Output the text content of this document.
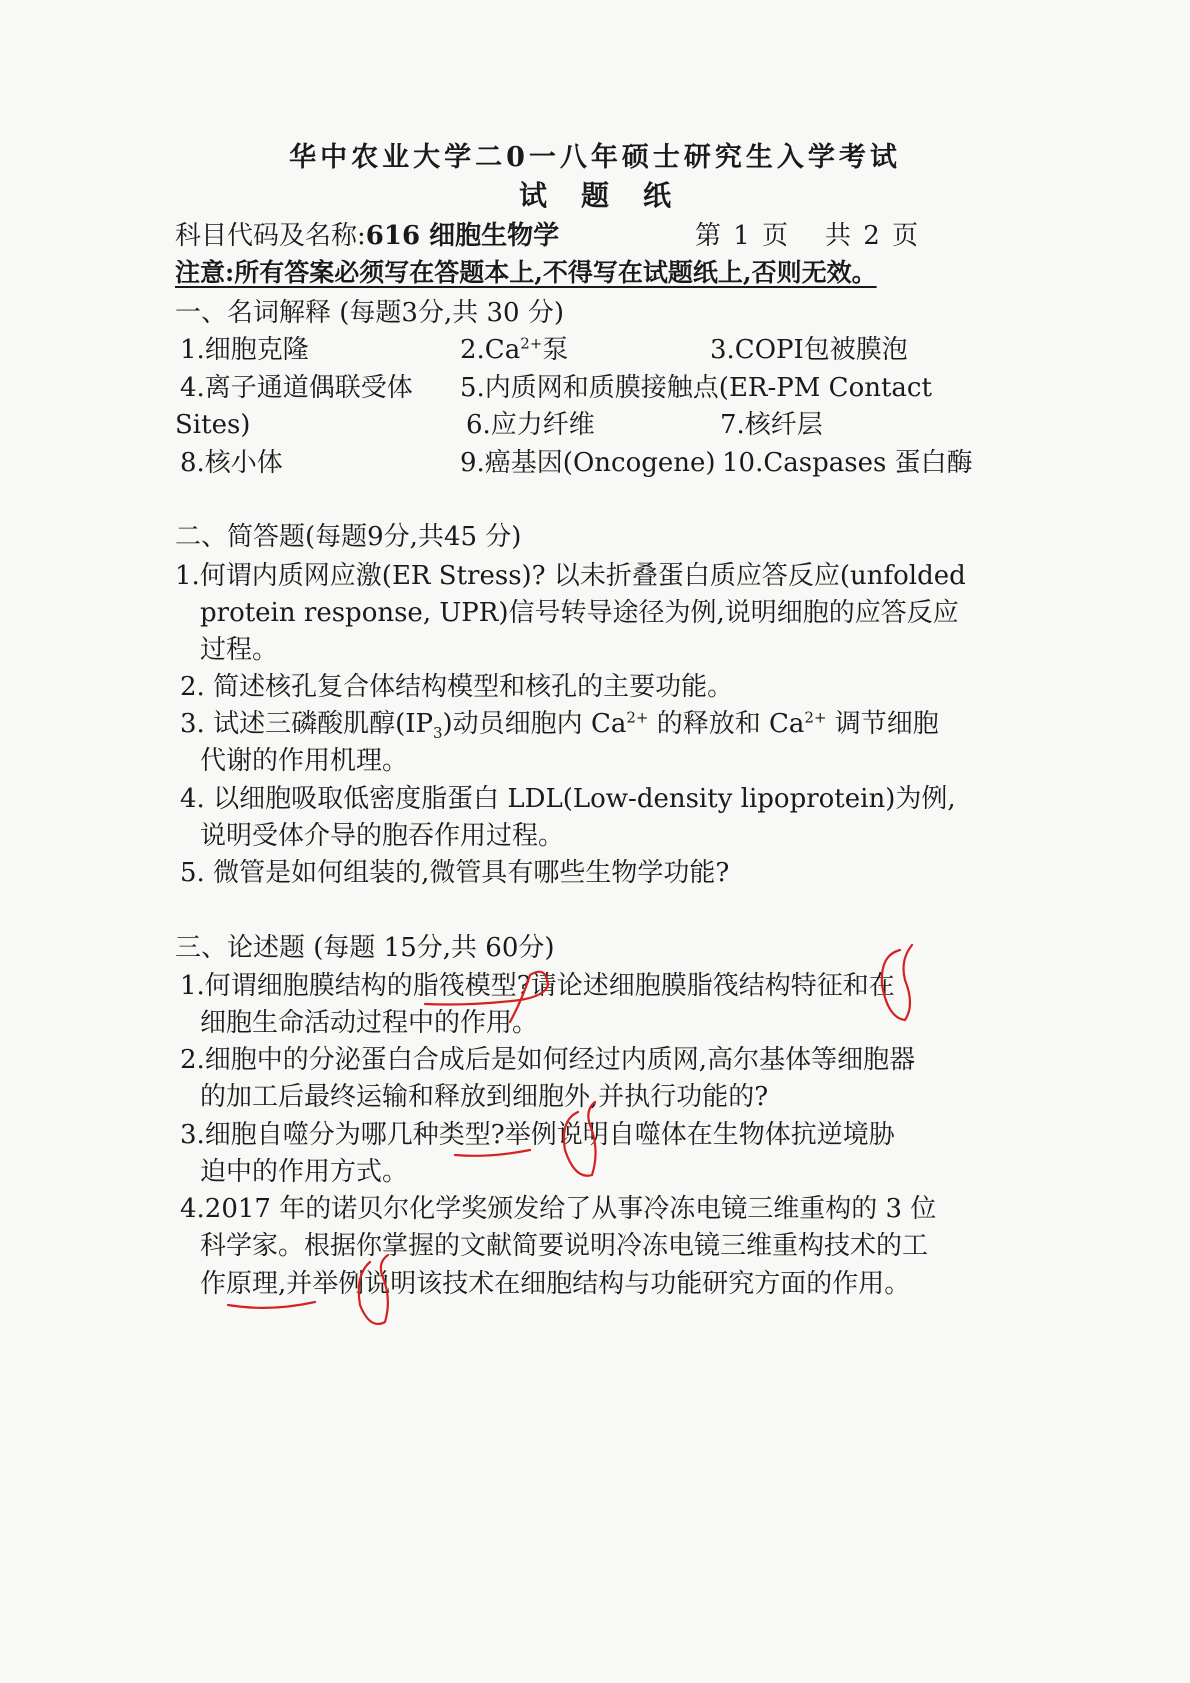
华中农业大学二0一八年硕士研究生入学考试
试题纸
科目代码及名称:616 细胞生物学	第 1 页 共 2 页
注意:所有答案必须写在答题本上,不得写在试题纸上,否则无效。
一、名词解释 (每题3分,共 30 分)
1.细胞克隆	$2.Ca^{2+}$泵	3.COPⅠ包被膜泡
4.离子通道偶联受体 5.内质网和质膜接触点(ER-PM Contact
Sites)	6.应力纤维	7.核纤层
8.核小体	9.癌基因(Oncogene) 10.Caspases 蛋白酶
二、简答题(每题9分,共45 分)
1.何谓内质网应激(ER Stress)? 以未折叠蛋白质应答反应(unfolded
protein response, UPR)信号转导途径为例,说明细胞的应答反应
过程。
2. 简述核孔复合体结构模型和核孔的主要功能。
3. 试述三磷酸肌醇$(IP_3)$动员细胞内 $Ca^{2+}$ 的释放和 $Ca^{2+}$ 调节细胞
代谢的作用机理。
4. 以细胞吸取低密度脂蛋白 LDL(Low-density lipoprotein)为例,
说明受体介导的胞吞作用过程。
5. 微管是如何组装的,微管具有哪些生物学功能?
三、论述题 (每题 15分,共 60分)
1.何谓细胞膜结构的脂筏模型?请论述细胞膜脂筏结构特征和在
细胞生命活动过程中的作用。
2.细胞中的分泌蛋白合成后是如何经过内质网,高尔基体等细胞器
的加工后最终运输和释放到细胞外,并执行功能的?
3.细胞自噬分为哪几种类型?举例说明自噬体在生物体抗逆境胁
迫中的作用方式。
4.2017 年的诺贝尔化学奖颁发给了从事冷冻电镜三维重构的 3 位
科学家。根据你掌握的文献简要说明冷冻电镜三维重构技术的工
作原理,并举例说明该技术在细胞结构与功能研究方面的作用。
